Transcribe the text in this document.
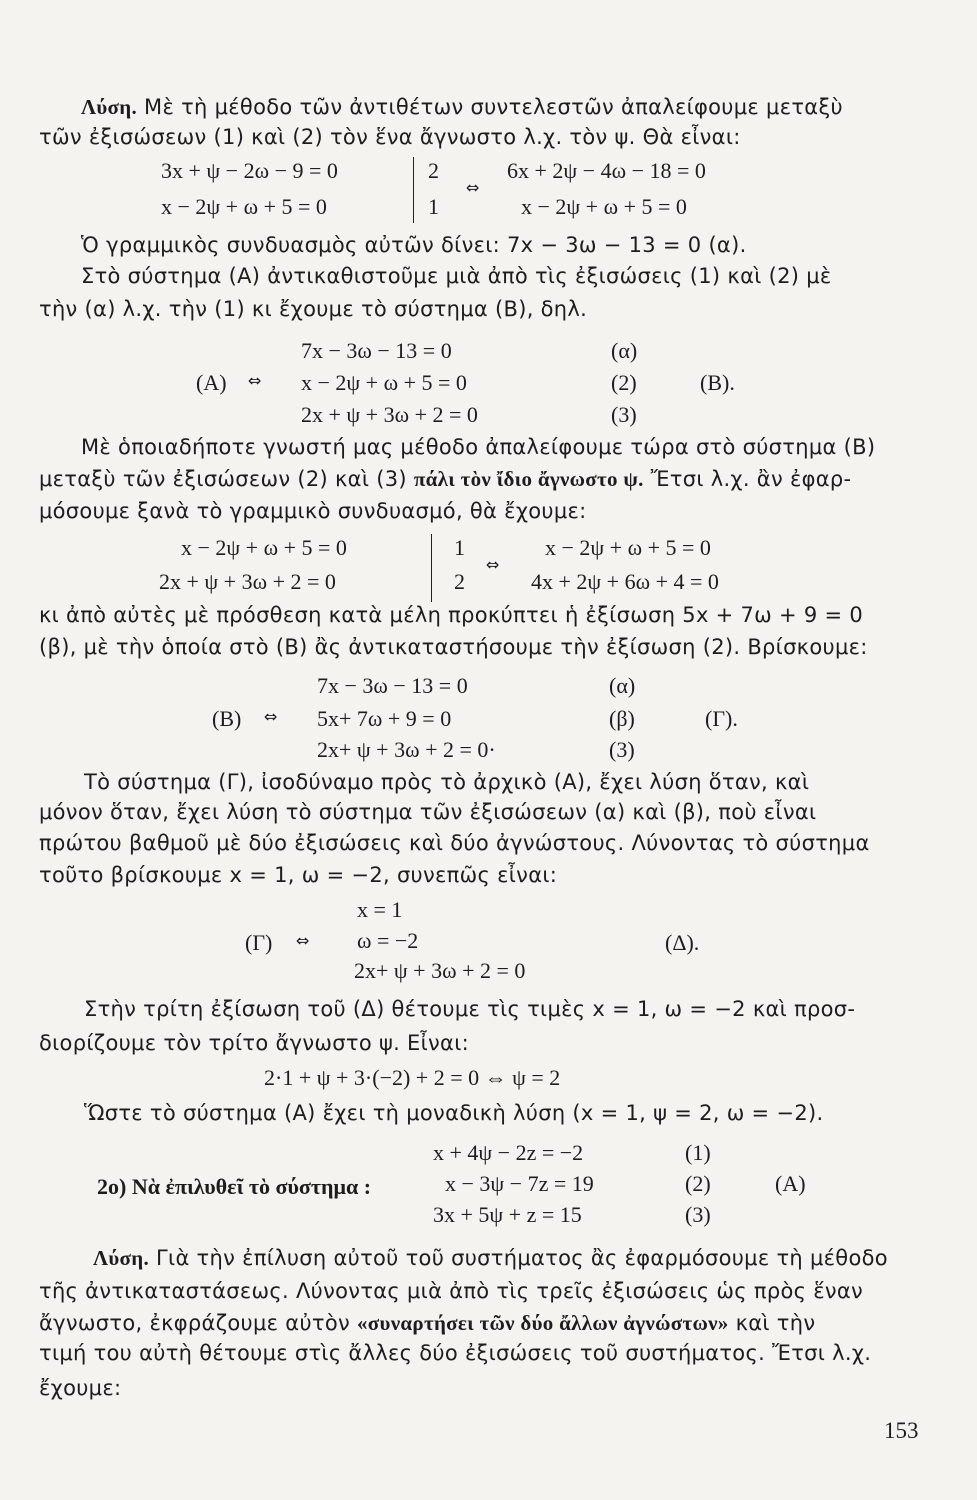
Λύση. Μὲ τὴ μέθοδο τῶν ἀντιθέτων συντελεστῶν ἀπαλείφουμε μεταξὺ
τῶν ἐξισώσεων (1) καὶ (2) τὸν ἕνα ἄγνωστο λ.χ. τὸν ψ. Θὰ εἶναι:
3x + ψ − 2ω − 9 = 0
x − 2ψ + ω + 5 = 0
2
1
⇔
6x + 2ψ − 4ω − 18 = 0
x − 2ψ + ω + 5 = 0
Ὁ γραμμικὸς συνδυασμὸς αὐτῶν δίνει: 7x − 3ω − 13 = 0 (α).
Στὸ σύστημα (Α) ἀντικαθιστοῦμε μιὰ ἀπὸ τὶς ἐξισώσεις (1) καὶ (2) μὲ
τὴν (α) λ.χ. τὴν (1) κι ἔχουμε τὸ σύστημα (Β), δηλ.
7x − 3ω − 13 = 0
(Α) ⇔ x − 2ψ + ω + 5 = 0
2x + ψ + 3ω + 2 = 0
(α)
(2)
(3)
(Β).
Μὲ ὁποιαδήποτε γνωστή μας μέθοδο ἀπαλείφουμε τώρα στὸ σύστημα (Β)
μεταξὺ τῶν ἐξισώσεων (2) καὶ (3) πάλι τὸν ἴδιο ἄγνωστο ψ. Ἔτσι λ.χ. ἂν ἐφαρ-
μόσουμε ξανὰ τὸ γραμμικὸ συνδυασμό, θὰ ἔχουμε:
x − 2ψ + ω + 5 = 0
2x + ψ + 3ω + 2 = 0
1
2
⇔
x − 2ψ + ω + 5 = 0
4x + 2ψ + 6ω + 4 = 0
κι ἀπὸ αὐτὲς μὲ πρόσθεση κατὰ μέλη προκύπτει ἡ ἐξίσωση 5x + 7ω + 9 = 0
(β), μὲ τὴν ὁποία στὸ (Β) ἂς ἀντικαταστήσουμε τὴν ἐξίσωση (2). Βρίσκουμε:
7x − 3ω − 13 = 0
(Β) ⇔ 5x+ 7ω + 9 = 0
2x+ ψ + 3ω + 2 = 0·
(α)
(β)
(3)
(Γ).
Τὸ σύστημα (Γ), ἰσοδύναμο πρὸς τὸ ἀρχικὸ (Α), ἔχει λύση ὅταν, καὶ
μόνον ὅταν, ἔχει λύση τὸ σύστημα τῶν ἐξισώσεων (α) καὶ (β), ποὺ εἶναι
πρώτου βαθμοῦ μὲ δύο ἐξισώσεις καὶ δύο ἀγνώστους. Λύνοντας τὸ σύστημα
τοῦτο βρίσκουμε x = 1, ω = −2, συνεπῶς εἶναι:
x = 1
(Γ) ⇔ ω = −2
2x+ ψ + 3ω + 2 = 0
(Δ).
Στὴν τρίτη ἐξίσωση τοῦ (Δ) θέτουμε τὶς τιμὲς x = 1, ω = −2 καὶ προσ-
διορίζουμε τὸν τρίτο ἄγνωστο ψ. Εἶναι:
2·1 + ψ + 3·(−2) + 2 = 0 ⇔ ψ = 2
Ὥστε τὸ σύστημα (Α) ἔχει τὴ μοναδικὴ λύση (x = 1, ψ = 2, ω = −2).
x + 4ψ − 2z = −2
2ο) Νὰ ἐπιλυθεῖ τὸ σύστημα :	x − 3ψ − 7z = 19
3x + 5ψ + z = 15
(1)
(2)
(3)
(Α)
Λύση. Γιὰ τὴν ἐπίλυση αὐτοῦ τοῦ συστήματος ἂς ἐφαρμόσουμε τὴ μέθοδο
τῆς ἀντικαταστάσεως. Λύνοντας μιὰ ἀπὸ τὶς τρεῖς ἐξισώσεις ὡς πρὸς ἕναν
ἄγνωστο, ἐκφράζουμε αὐτὸν «συναρτήσει τῶν δύο ἄλλων ἀγνώστων» καὶ τὴν
τιμή του αὐτὴ θέτουμε στὶς ἄλλες δύο ἐξισώσεις τοῦ συστήματος. Ἔτσι λ.χ.
ἔχουμε:
153
